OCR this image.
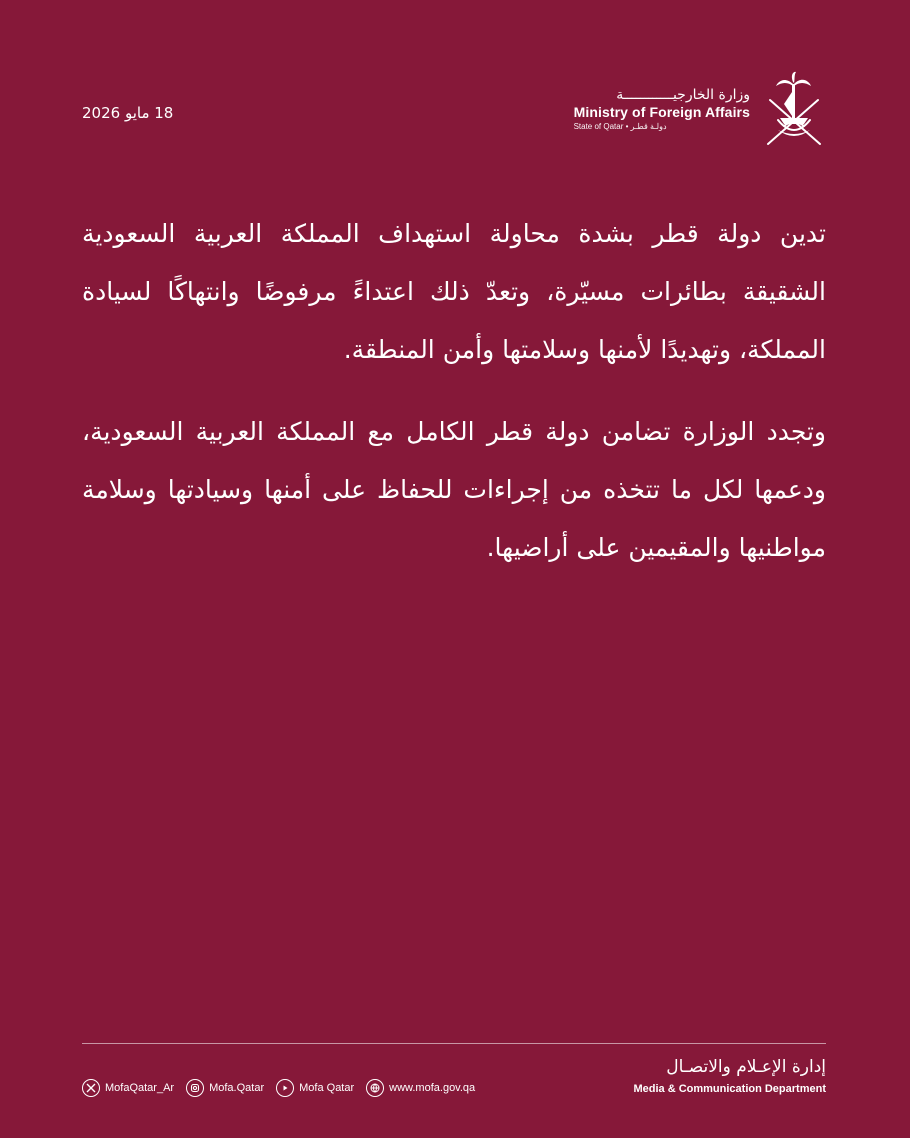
18 مايو 2026
وزارة الخارجيــــــــــــة
Ministry of Foreign Affairs
State of Qatar • دولـة قطـر

تدين دولة قطر بشدة محاولة استهداف المملكة العربية السعودية الشقيقة بطائرات مسيّرة، وتعدّ ذلك اعتداءً مرفوضًا وانتهاكًا لسيادة المملكة، وتهديدًا لأمنها وسلامتها وأمن المنطقة.

وتجدد الوزارة تضامن دولة قطر الكامل مع المملكة العربية السعودية، ودعمها لكل ما تتخذه من إجراءات للحفاظ على أمنها وسيادتها وسلامة مواطنيها والمقيمين على أراضيها.

MofaQatar_Ar	Mofa.Qatar	Mofa Qatar	www.mofa.gov.qa
إدارة الإعـلام والاتصـال
Media & Communication Department
